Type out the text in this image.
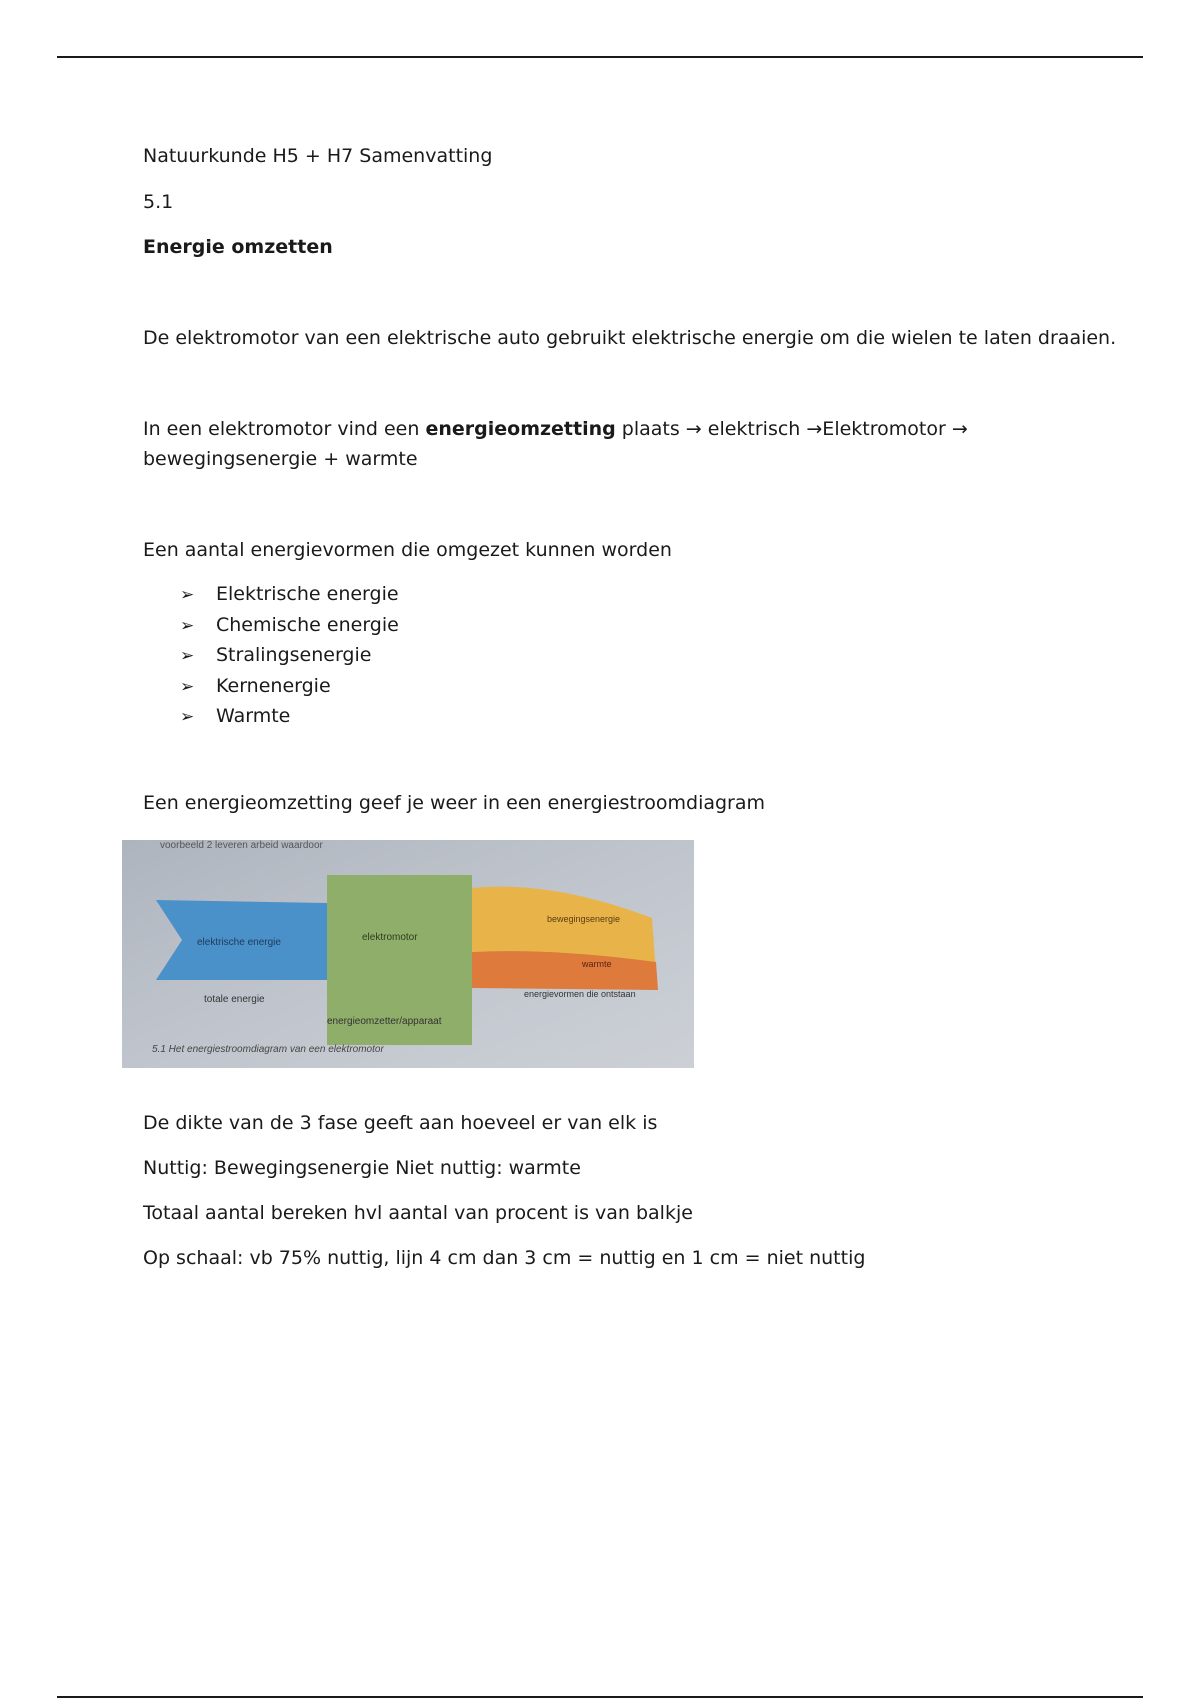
Natuurkunde H5 + H7 Samenvatting
5.1
Energie omzetten
De elektromotor van een elektrische auto gebruikt elektrische energie om die wielen te laten draaien.
In een elektromotor vind een energieomzetting plaats → elektrisch →Elektromotor →
bewegingsenergie + warmte
Een aantal energievormen die omgezet kunnen worden
➢ Elektrische energie
➢ Chemische energie
➢ Stralingsenergie
➢ Kernenergie
➢ Warmte
Een energieomzetting geef je weer in een energiestroomdiagram
voorbeeld 2 leveren arbeid waardoor
elektrische energie
totale energie
bewegingsenergie
warmte
energievormen die ontstaan
elektromotor
energieomzetter/apparaat
5.1 Het energiestroomdiagram van een elektromotor
De dikte van de 3 fase geeft aan hoeveel er van elk is
Nuttig: Bewegingsenergie Niet nuttig: warmte
Totaal aantal bereken hvl aantal van procent is van balkje
Op schaal: vb 75% nuttig, lijn 4 cm dan 3 cm = nuttig en 1 cm = niet nuttig
